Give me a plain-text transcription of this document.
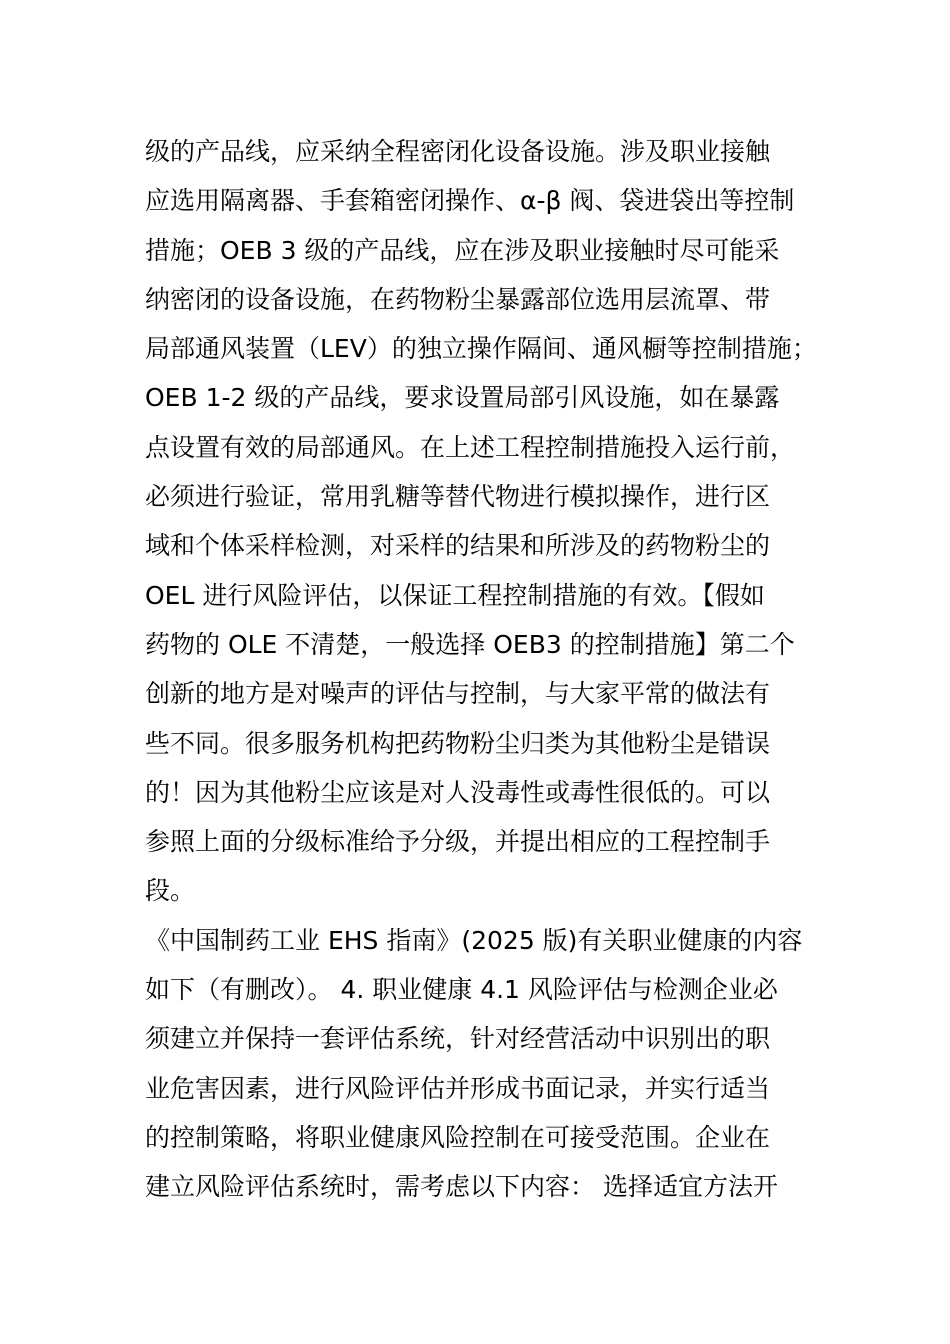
级的产品线，应采纳全程密闭化设备设施。涉及职业接触
应选用隔离器、手套箱密闭操作、α-β 阀、袋进袋出等控制
措施；OEB 3 级的产品线，应在涉及职业接触时尽可能采
纳密闭的设备设施，在药物粉尘暴露部位选用层流罩、带
局部通风装置（LEV）的独立操作隔间、通风橱等控制措施；
OEB 1-2 级的产品线，要求设置局部引风设施，如在暴露
点设置有效的局部通风。在上述工程控制措施投入运行前，
必须进行验证，常用乳糖等替代物进行模拟操作，进行区
域和个体采样检测，对采样的结果和所涉及的药物粉尘的
OEL 进行风险评估，以保证工程控制措施的有效。【假如
药物的 OLE 不清楚，一般选择 OEB3 的控制措施】第二个
创新的地方是对噪声的评估与控制，与大家平常的做法有
些不同。很多服务机构把药物粉尘归类为其他粉尘是错误
的！因为其他粉尘应该是对人没毒性或毒性很低的。可以
参照上面的分级标准给予分级，并提出相应的工程控制手
段。
《中国制药工业 EHS 指南》(2025 版)有关职业健康的内容
如下（有删改）。 4. 职业健康 4.1 风险评估与检测企业必
须建立并保持一套评估系统，针对经营活动中识别出的职
业危害因素，进行风险评估并形成书面记录，并实行适当
的控制策略，将职业健康风险控制在可接受范围。企业在
建立风险评估系统时，需考虑以下内容： 选择适宜方法开
